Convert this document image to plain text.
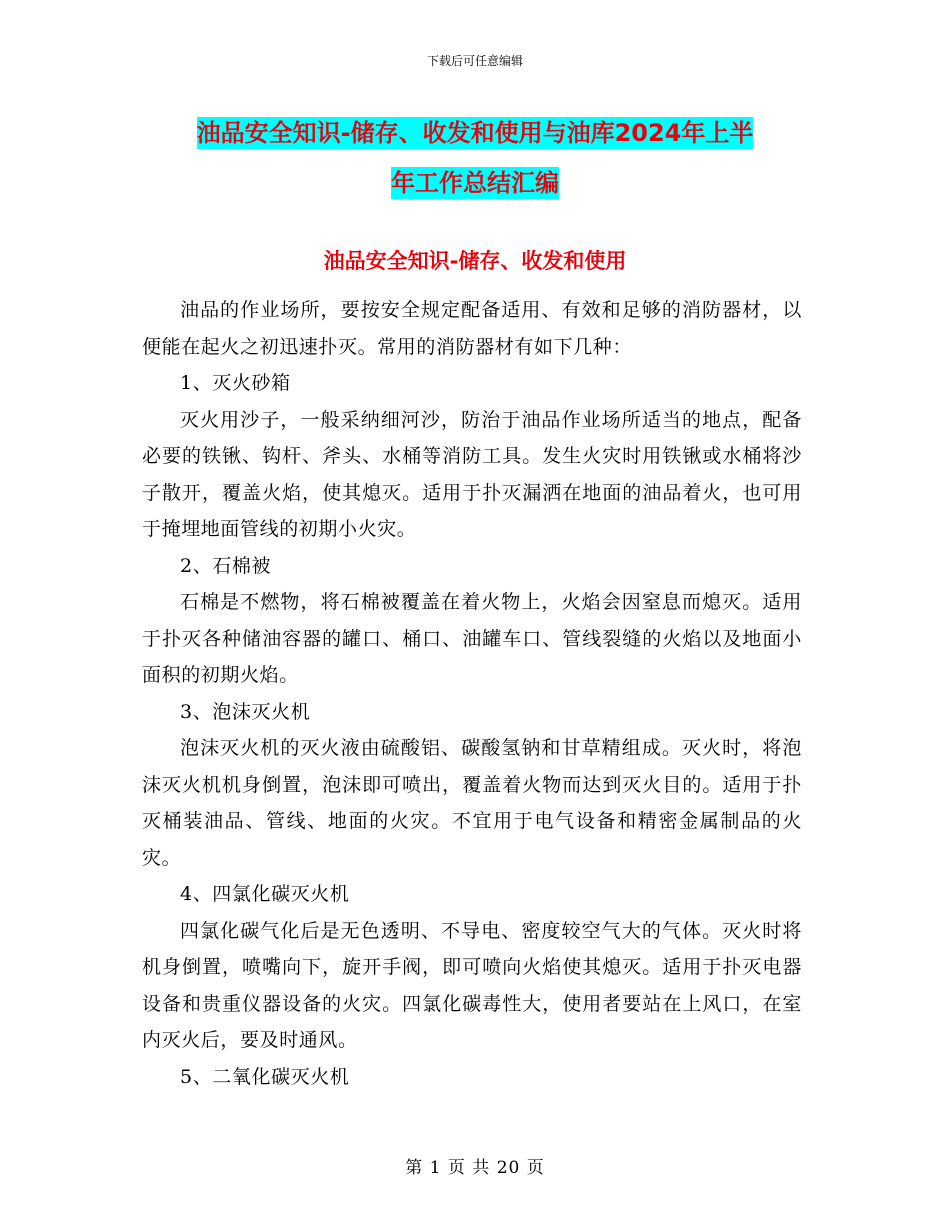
下载后可任意编辑
油品安全知识-储存、收发和使用与油库2024年上半
年工作总结汇编
油品安全知识-储存、收发和使用

油品的作业场所，要按安全规定配备适用、有效和足够的消防器材，以便能在起火之初迅速扑灭。常用的消防器材有如下几种：

1、灭火砂箱

灭火用沙子，一般采纳细河沙，防治于油品作业场所适当的地点，配备必要的铁锹、钩杆、斧头、水桶等消防工具。发生火灾时用铁锹或水桶将沙子散开，覆盖火焰，使其熄灭。适用于扑灭漏洒在地面的油品着火，也可用于掩埋地面管线的初期小火灾。

2、石棉被

石棉是不燃物，将石棉被覆盖在着火物上，火焰会因窒息而熄灭。适用于扑灭各种储油容器的罐口、桶口、油罐车口、管线裂缝的火焰以及地面小面积的初期火焰。

3、泡沫灭火机

泡沫灭火机的灭火液由硫酸铝、碳酸氢钠和甘草精组成。灭火时，将泡沫灭火机机身倒置，泡沫即可喷出，覆盖着火物而达到灭火目的。适用于扑灭桶装油品、管线、地面的火灾。不宜用于电气设备和精密金属制品的火灾。

4、四氯化碳灭火机

四氯化碳气化后是无色透明、不导电、密度较空气大的气体。灭火时将机身倒置，喷嘴向下，旋开手阀，即可喷向火焰使其熄灭。适用于扑灭电器设备和贵重仪器设备的火灾。四氯化碳毒性大，使用者要站在上风口，在室内灭火后，要及时通风。

5、二氧化碳灭火机

第 1 页 共 20 页
